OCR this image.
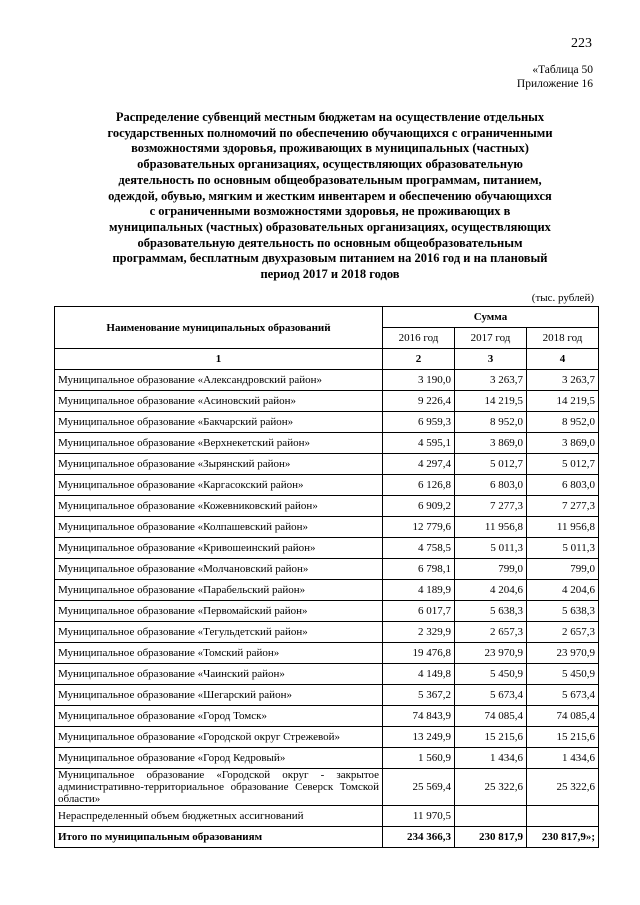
223
«Таблица 50
Приложение 16
Распределение субвенций местным бюджетам на осуществление отдельных
государственных полномочий по обеспечению обучающихся с ограниченными
возможностями здоровья, проживающих в муниципальных (частных)
образовательных организациях, осуществляющих образовательную
деятельность по основным общеобразовательным программам, питанием,
одеждой, обувью, мягким и жестким инвентарем и обеспечению обучающихся
с ограниченными возможностями здоровья, не проживающих в
муниципальных (частных) образовательных организациях, осуществляющих
образовательную деятельность по основным общеобразовательным
программам, бесплатным двухразовым питанием на 2016 год и на плановый
период 2017 и 2018 годов
(тыс. рублей)
Наименование муниципальных образований	Сумма		
	2016 год	2017 год	2018 год
1	2	3	4
Муниципальное образование «Александровский район»	3 190,0	3 263,7	3 263,7
Муниципальное образование «Асиновский район»	9 226,4	14 219,5	14 219,5
Муниципальное образование «Бакчарский район»	6 959,3	8 952,0	8 952,0
Муниципальное образование «Верхнекетский район»	4 595,1	3 869,0	3 869,0
Муниципальное образование «Зырянский район»	4 297,4	5 012,7	5 012,7
Муниципальное образование «Каргасокский район»	6 126,8	6 803,0	6 803,0
Муниципальное образование «Кожевниковский район»	6 909,2	7 277,3	7 277,3
Муниципальное образование «Колпашевский район»	12 779,6	11 956,8	11 956,8
Муниципальное образование «Кривошеинский район»	4 758,5	5 011,3	5 011,3
Муниципальное образование «Молчановский район»	6 798,1	799,0	799,0
Муниципальное образование «Парабельский район»	4 189,9	4 204,6	4 204,6
Муниципальное образование «Первомайский район»	6 017,7	5 638,3	5 638,3
Муниципальное образование «Тегульдетский район»	2 329,9	2 657,3	2 657,3
Муниципальное образование «Томский район»	19 476,8	23 970,9	23 970,9
Муниципальное образование «Чаинский район»	4 149,8	5 450,9	5 450,9
Муниципальное образование «Шегарский район»	5 367,2	5 673,4	5 673,4
Муниципальное образование «Город Томск»	74 843,9	74 085,4	74 085,4
Муниципальное образование «Городской округ Стрежевой»	13 249,9	15 215,6	15 215,6
Муниципальное образование «Город Кедровый»	1 560,9	1 434,6	1 434,6
Муниципальное образование «Городской округ - закрытое административно-территориальное образование Северск Томской области»	25 569,4	25 322,6	25 322,6
Нераспределенный объем бюджетных ассигнований	11 970,5		
Итого по муниципальным образованиям	234 366,3	230 817,9	230 817,9»;
